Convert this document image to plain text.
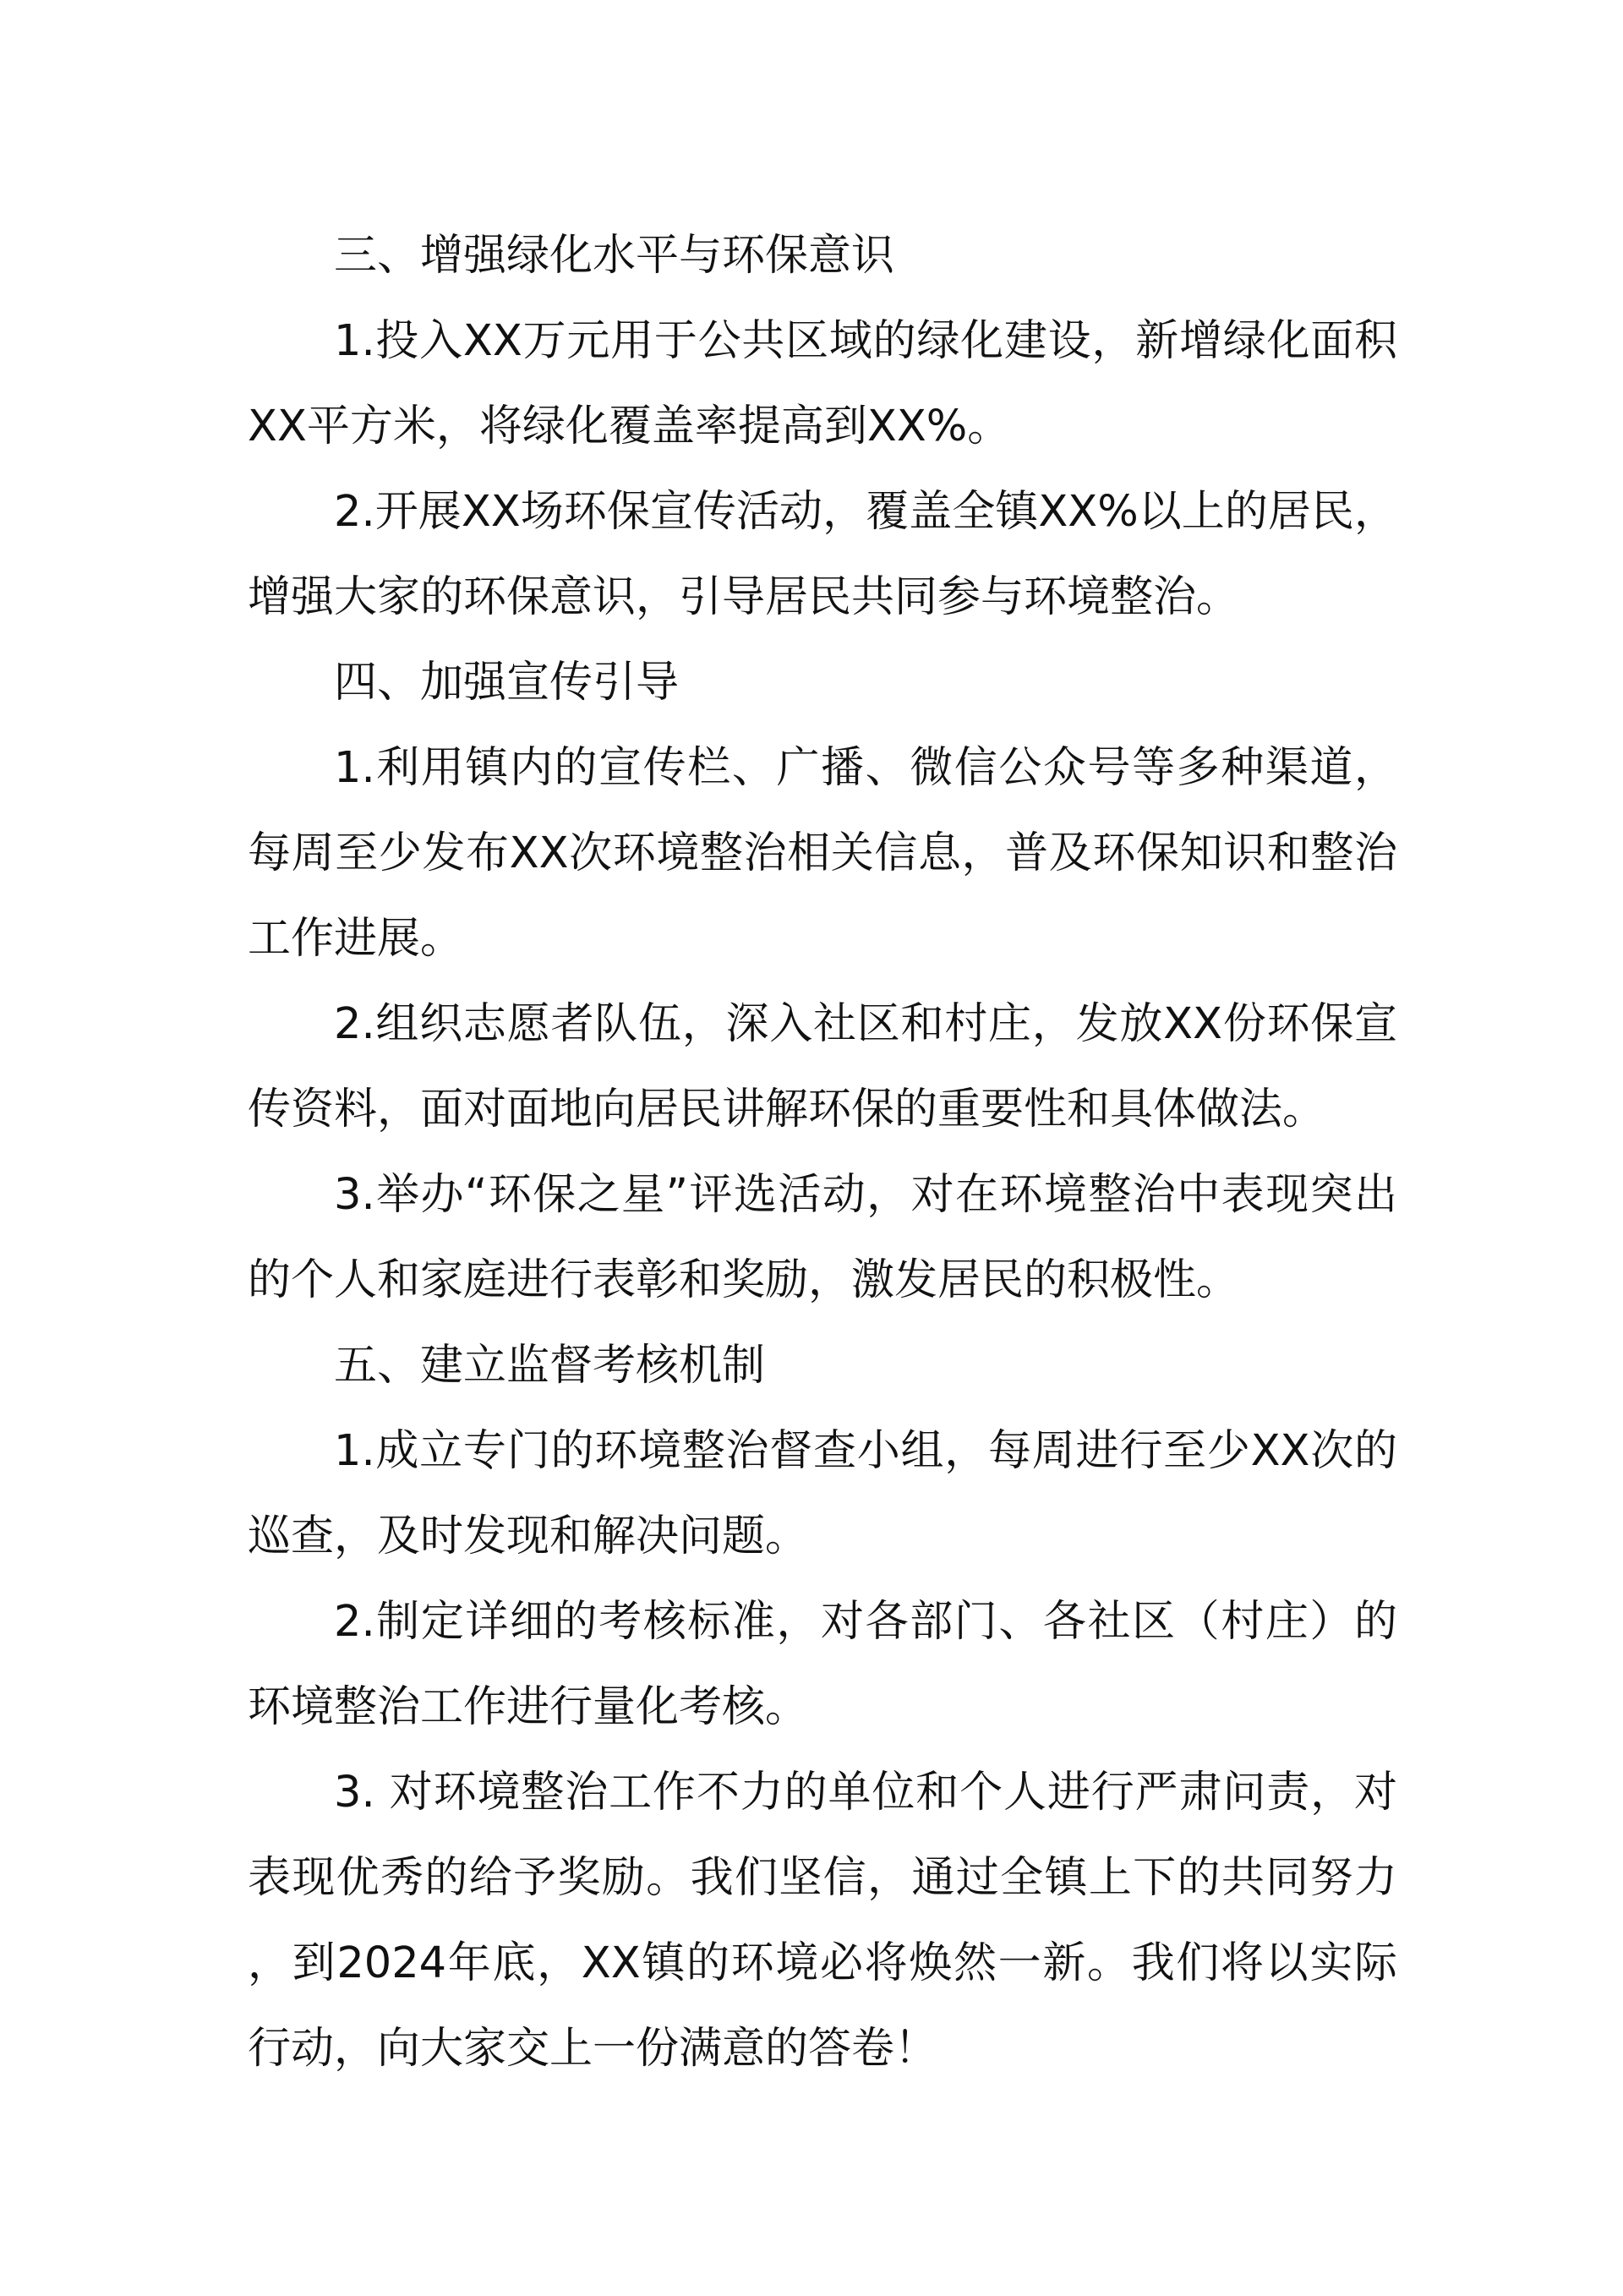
三、增强绿化水平与环保意识

1.投入XX万元用于公共区域的绿化建设，新增绿化面积XX平方米，将绿化覆盖率提高到XX%。

2.开展XX场环保宣传活动，覆盖全镇XX%以上的居民，增强大家的环保意识，引导居民共同参与环境整治。

四、加强宣传引导

1.利用镇内的宣传栏、广播、微信公众号等多种渠道，每周至少发布XX次环境整治相关信息，普及环保知识和整治工作进展。

2.组织志愿者队伍，深入社区和村庄，发放XX份环保宣传资料，面对面地向居民讲解环保的重要性和具体做法。

3.举办“环保之星”评选活动，对在环境整治中表现突出的个人和家庭进行表彰和奖励，激发居民的积极性。

五、建立监督考核机制

1.成立专门的环境整治督查小组，每周进行至少XX次的巡查，及时发现和解决问题。

2.制定详细的考核标准，对各部门、各社区（村庄）的环境整治工作进行量化考核。

3. 对环境整治工作不力的单位和个人进行严肃问责，对表现优秀的给予奖励。我们坚信，通过全镇上下的共同努力，到2024年底，XX镇的环境必将焕然一新。我们将以实际行动，向大家交上一份满意的答卷！
